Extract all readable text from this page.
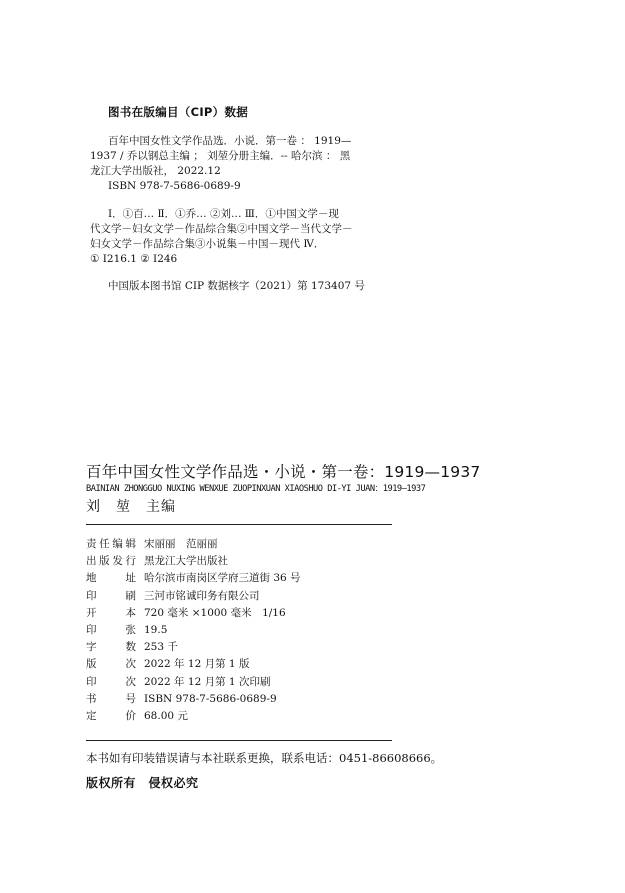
图书在版编目（CIP）数据
百年中国女性文学作品选．小说．第一卷 ： 1919—
1937 / 乔以钢总主编 ； 刘堃分册主编．-- 哈尔滨 ： 黑
龙江大学出版社， 2022.12
ISBN 978-7-5686-0689-9
Ⅰ．①百… Ⅱ．①乔… ②刘… Ⅲ．①中国文学－现
代文学－妇女文学－作品综合集②中国文学－当代文学－
妇女文学－作品综合集③小说集－中国－现代 Ⅳ．
① I216.1 ② I246
中国版本图书馆 CIP 数据核字（2021）第 173407 号
百年中国女性文学作品选・小说・第一卷：1919—1937
BAINIAN ZHONGGUO NUXING WENXUE ZUOPINXUAN XIAOSHUO DI-YI JUAN：1919—1937
刘　堃　主编
责 任 编 辑 宋丽丽　范丽丽
出 版 发 行 黑龙江大学出版社
地	址 哈尔滨市南岗区学府三道街 36 号
印	刷 三河市铭诚印务有限公司
开	本 720 毫米 ×1000 毫米　1/16
印	张 19.5
字	数 253 千
版	次 2022 年 12 月第 1 版
印	次 2022 年 12 月第 1 次印刷
书	号 ISBN 978-7-5686-0689-9
定	价 68.00 元
本书如有印装错误请与本社联系更换，联系电话：0451-86608666。
版权所有　侵权必究
